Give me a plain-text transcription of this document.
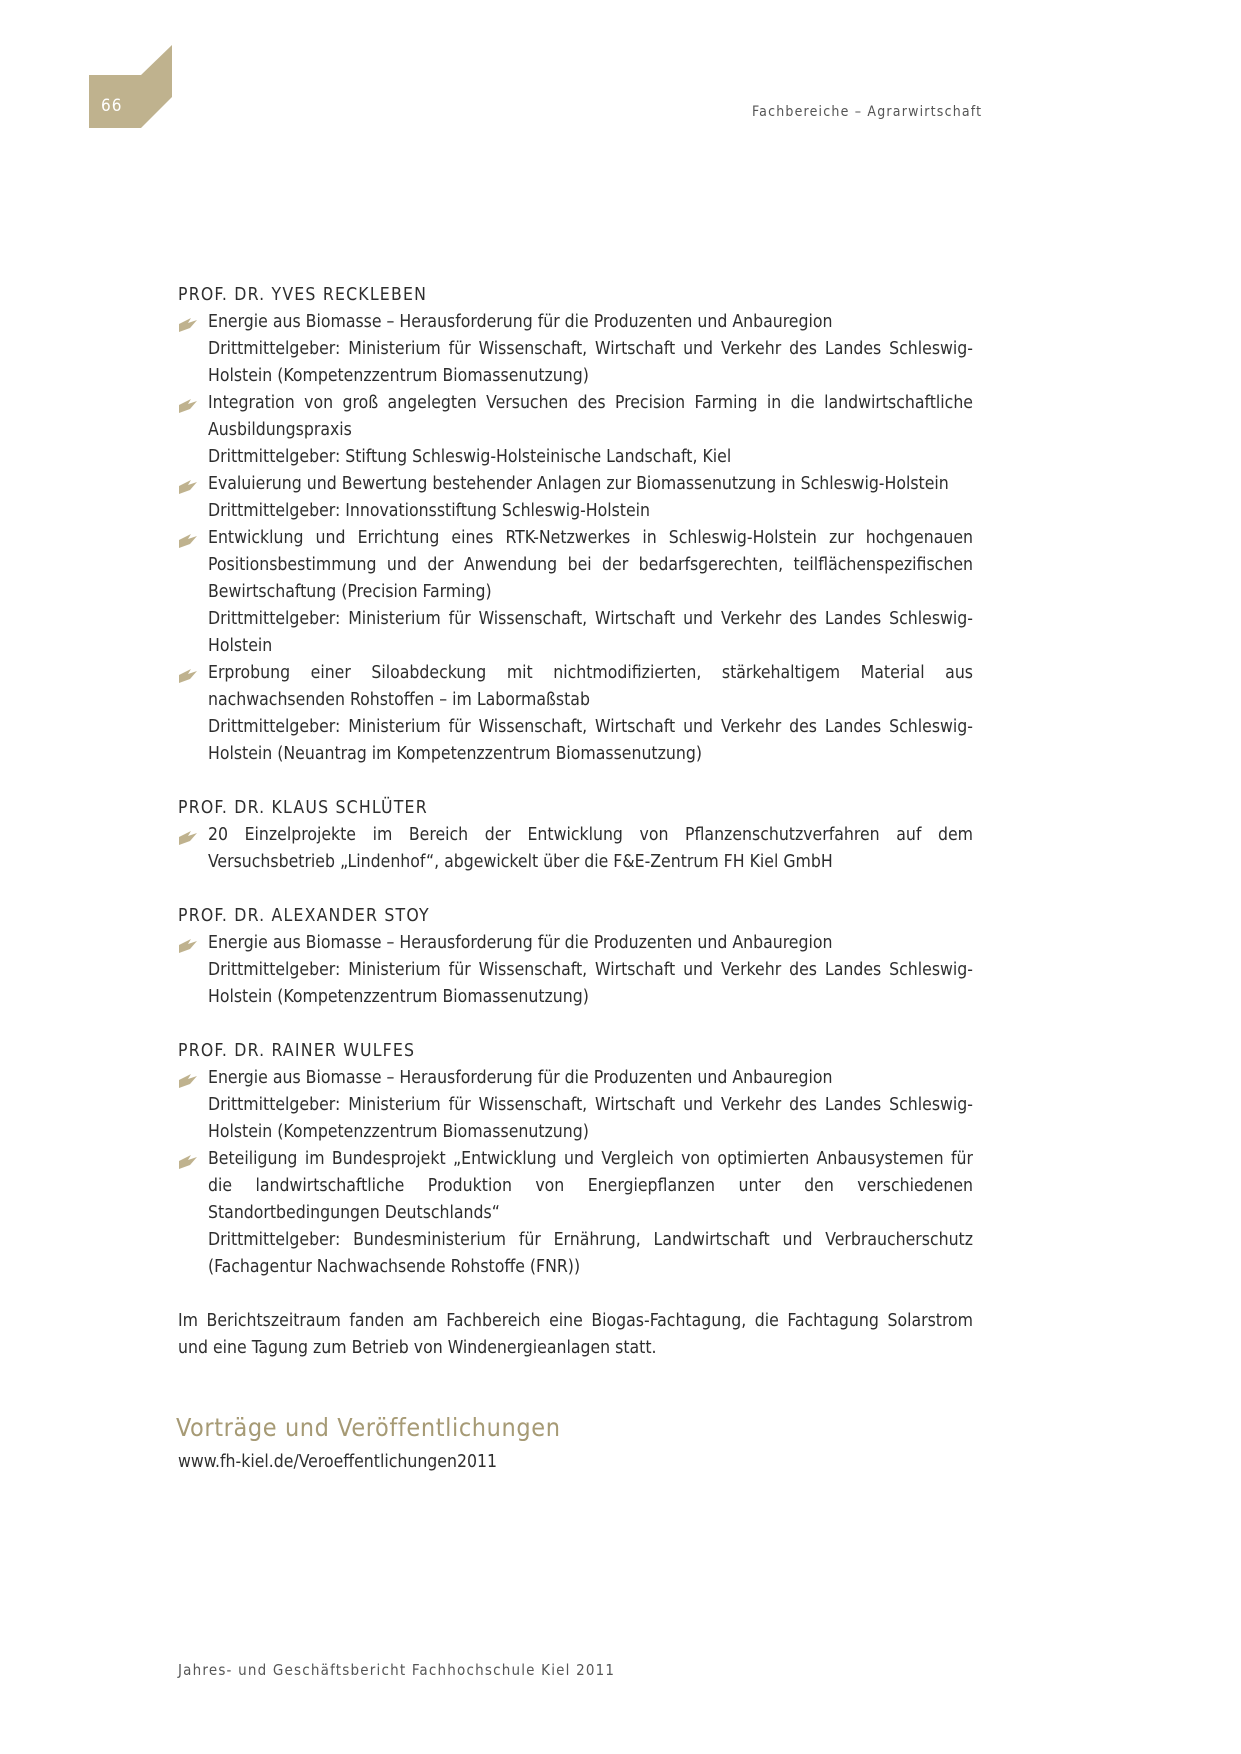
66	Fachbereiche – Agrarwirtschaft
PROF. DR. YVES RECKLEBEN
Energie aus Biomasse – Herausforderung für die Produzenten und Anbauregion
Drittmittelgeber: Ministerium für Wissenschaft, Wirtschaft und Verkehr des Landes Schleswig-Holstein (Kompetenzzentrum Biomassenutzung)
Integration von groß angelegten Versuchen des Precision Farming in die landwirtschaftliche Ausbildungspraxis
Drittmittelgeber: Stiftung Schleswig-Holsteinische Landschaft, Kiel
Evaluierung und Bewertung bestehender Anlagen zur Biomassenutzung in Schleswig-Holstein
Drittmittelgeber: Innovationsstiftung Schleswig-Holstein
Entwicklung und Errichtung eines RTK-Netzwerkes in Schleswig-Holstein zur hochgenauen Positionsbestimmung und der Anwendung bei der bedarfsgerechten, teilflächenspezifischen Bewirtschaftung (Precision Farming)
Drittmittelgeber: Ministerium für Wissenschaft, Wirtschaft und Verkehr des Landes Schleswig-Holstein
Erprobung einer Siloabdeckung mit nichtmodifizierten, stärkehaltigem Material aus nachwachsenden Rohstoffen – im Labormaßstab
Drittmittelgeber: Ministerium für Wissenschaft, Wirtschaft und Verkehr des Landes Schleswig-Holstein (Neuantrag im Kompetenzzentrum Biomassenutzung)
PROF. DR. KLAUS SCHLÜTER
20 Einzelprojekte im Bereich der Entwicklung von Pflanzenschutzverfahren auf dem Versuchsbetrieb „Lindenhof“, abgewickelt über die F&E-Zentrum FH Kiel GmbH
PROF. DR. ALEXANDER STOY
Energie aus Biomasse – Herausforderung für die Produzenten und Anbauregion
Drittmittelgeber: Ministerium für Wissenschaft, Wirtschaft und Verkehr des Landes Schleswig-Holstein (Kompetenzzentrum Biomassenutzung)
PROF. DR. RAINER WULFES
Energie aus Biomasse – Herausforderung für die Produzenten und Anbauregion
Drittmittelgeber: Ministerium für Wissenschaft, Wirtschaft und Verkehr des Landes Schleswig-Holstein (Kompetenzzentrum Biomassenutzung)
Beteiligung im Bundesprojekt „Entwicklung und Vergleich von optimierten Anbausystemen für die landwirtschaftliche Produktion von Energiepflanzen unter den verschiedenen Standortbedingungen Deutschlands“
Drittmittelgeber: Bundesministerium für Ernährung, Landwirtschaft und Verbraucherschutz (Fachagentur Nachwachsende Rohstoffe (FNR))

Im Berichtszeitraum fanden am Fachbereich eine Biogas-Fachtagung, die Fachtagung Solarstrom und eine Tagung zum Betrieb von Windenergieanlagen statt.

Vorträge und Veröffentlichungen
www.fh-kiel.de/Veroeffentlichungen2011
Jahres- und Geschäftsbericht Fachhochschule Kiel 2011
